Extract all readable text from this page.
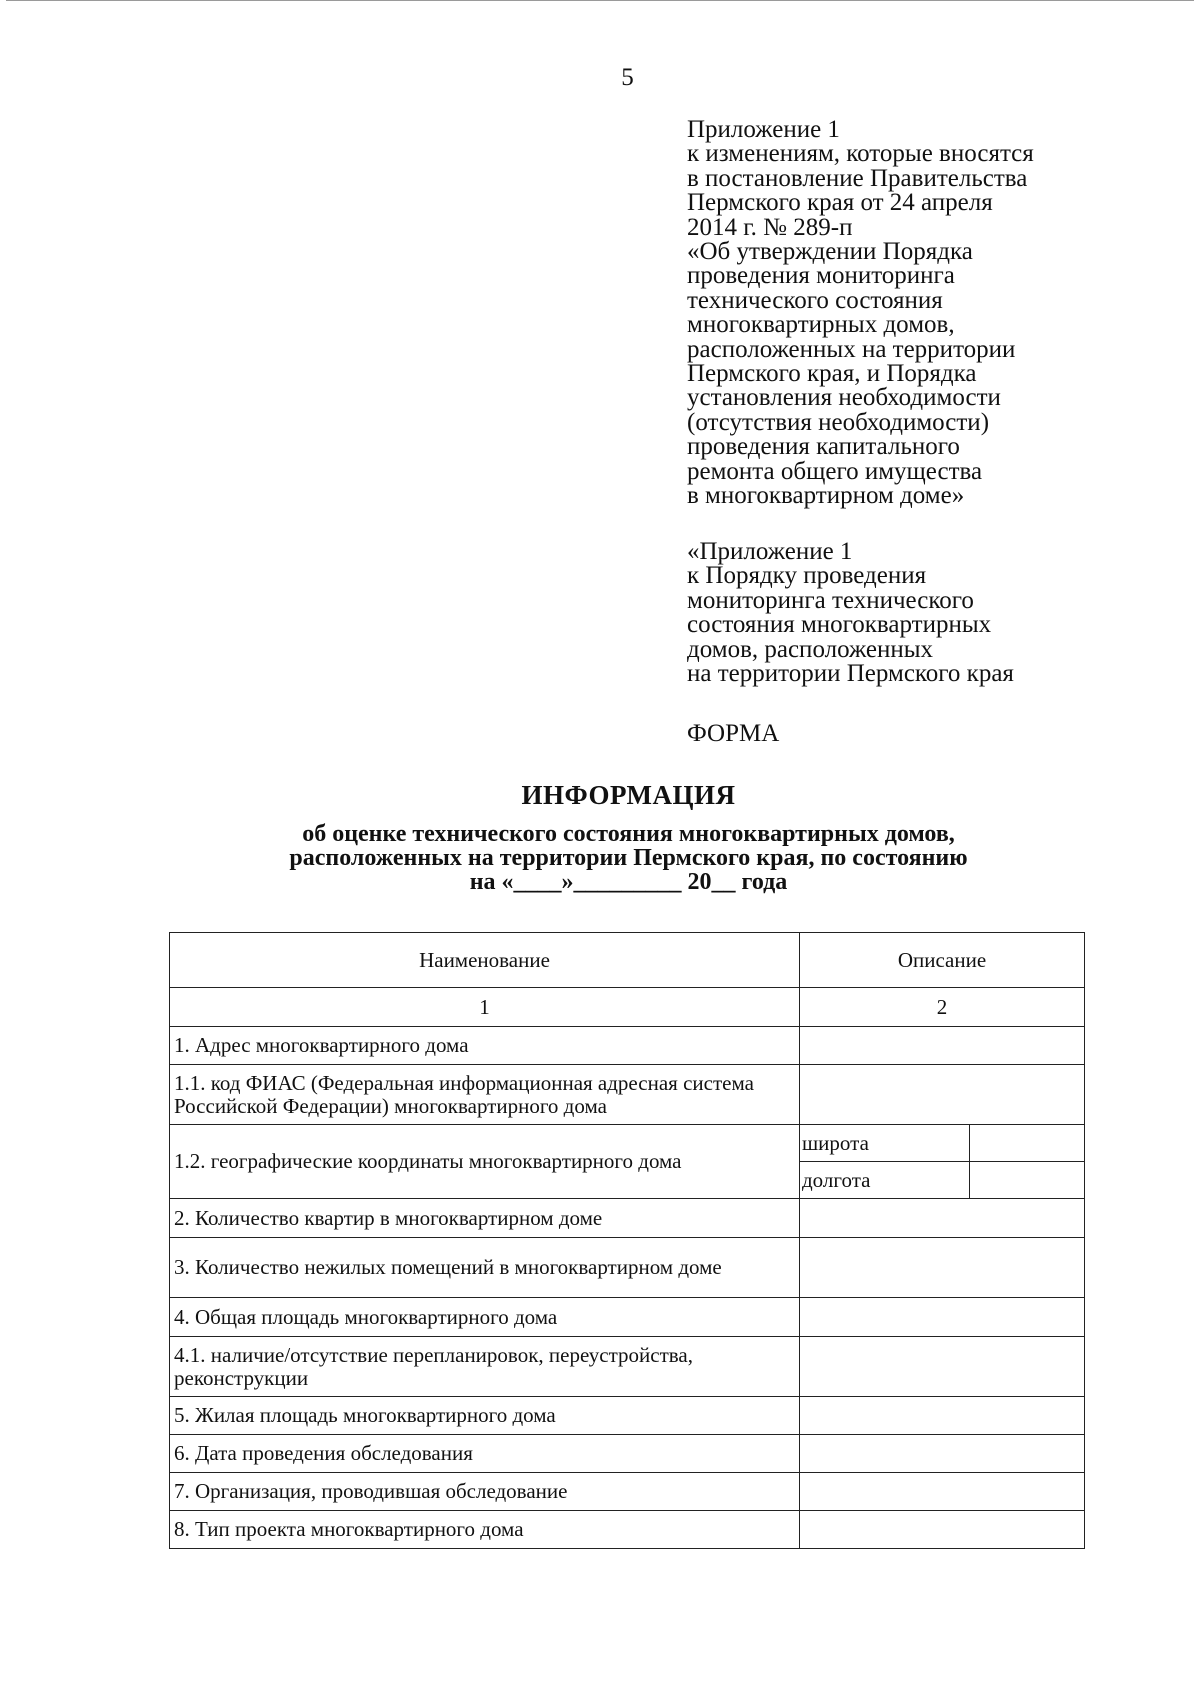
5
Приложение 1
к изменениям, которые вносятся
в постановление Правительства
Пермского края от 24 апреля
2014 г. № 289-п
«Об утверждении Порядка
проведения мониторинга
технического состояния
многоквартирных домов,
расположенных на территории
Пермского края, и Порядка
установления необходимости
(отсутствия необходимости)
проведения капитального
ремонта общего имущества
в многоквартирном доме»
«Приложение 1
к Порядку проведения
мониторинга технического
состояния многоквартирных
домов, расположенных
на территории Пермского края
ФОРМА
ИНФОРМАЦИЯ
об оценке технического состояния многоквартирных домов,
расположенных на территории Пермского края, по состоянию
на «____»_________ 20__ года
Наименование	Описание	
1	2	
1. Адрес многоквартирного дома		
1.1. код ФИАС (Федеральная информационная адресная система Российской Федерации) многоквартирного дома		
1.2. географические координаты многоквартирного дома	широта	
	долгота	
2. Количество квартир в многоквартирном доме		
3. Количество нежилых помещений в многоквартирном доме		
4. Общая площадь многоквартирного дома		
4.1. наличие/отсутствие перепланировок, переустройства, реконструкции		
5. Жилая площадь многоквартирного дома		
6. Дата проведения обследования		
7. Организация, проводившая обследование		
8. Тип проекта многоквартирного дома		
